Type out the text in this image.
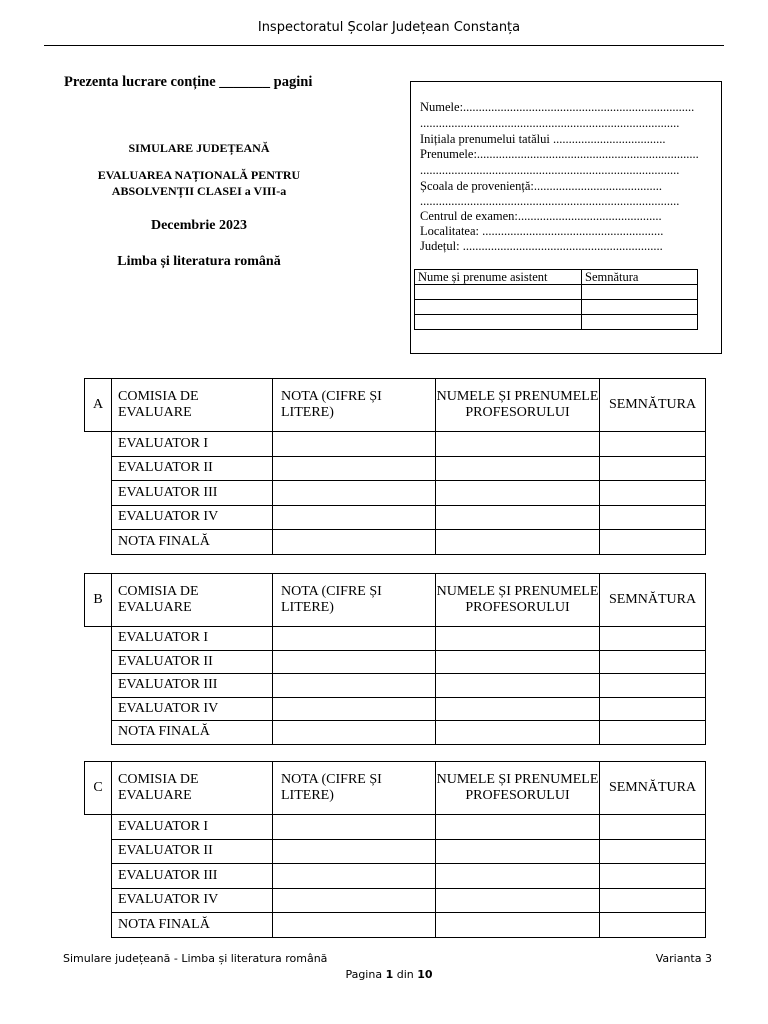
Inspectoratul Școlar Județean Constanța
Prezenta lucrare conține _______ pagini
SIMULARE JUDEȚEANĂ
EVALUAREA NAȚIONALĂ PENTRU
ABSOLVENȚII CLASEI a VIII-a
Decembrie 2023
Limba și literatura română
Numele:..........................................................................
...................................................................................
Inițiala prenumelui tatălui ....................................
Prenumele:.......................................................................
...................................................................................
Școala de proveniență:.........................................
...................................................................................
Centrul de examen:..............................................
Localitatea: ..........................................................
Județul: ................................................................
Nume și prenume asistent	Semnătura

A	COMISIA DE EVALUARE	NOTA (CIFRE ȘI LITERE)	NUMELE ȘI PRENUMELE PROFESORULUI	SEMNĂTURA
	EVALUATOR I			
	EVALUATOR II			
	EVALUATOR III			
	EVALUATOR IV			
	NOTA FINALĂ			
B	COMISIA DE EVALUARE	NOTA (CIFRE ȘI LITERE)	NUMELE ȘI PRENUMELE PROFESORULUI	SEMNĂTURA
	EVALUATOR I			
	EVALUATOR II			
	EVALUATOR III			
	EVALUATOR IV			
	NOTA FINALĂ			
C	COMISIA DE EVALUARE	NOTA (CIFRE ȘI LITERE)	NUMELE ȘI PRENUMELE PROFESORULUI	SEMNĂTURA
	EVALUATOR I			
	EVALUATOR II			
	EVALUATOR III			
	EVALUATOR IV			
	NOTA FINALĂ			
Simulare județeană - Limba și literatura română	Varianta 3
Pagina 1 din 10
